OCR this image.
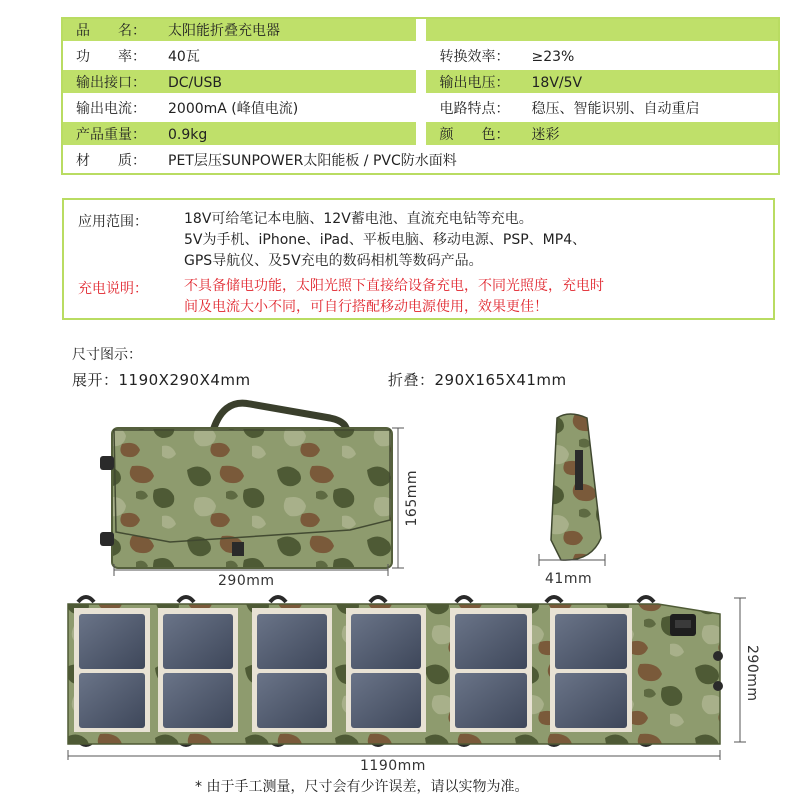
品　　名： 太阳能折叠充电器		
功　　率： 40瓦		转换效率： ≥23%
输出接口： DC/USB		输出电压： 18V/5V
输出电流： 2000mA (峰值电流)		电路特点： 稳压、智能识别、自动重启
产品重量： 0.9kg		颜　　色： 迷彩
材　　质： PET层压SUNPOWER太阳能板 / PVC防水面料		
应用范围：	18V可给笔记本电脑、12V蓄电池、直流充电钻等充电。
5V为手机、iPhone、iPad、平板电脑、移动电源、PSP、MP4、
GPS导航仪、及5V充电的数码相机等数码产品。
充电说明：	不具备储电功能，太阳光照下直接给设备充电，不同光照度，充电时
间及电流大小不同，可自行搭配移动电源使用，效果更佳！
尺寸图示：
展开：1190X290X4mm	折叠：290X165X41mm
290mm
165mm
41mm
1190mm
290mm
* 由于手工测量，尺寸会有少许误差，请以实物为准。
